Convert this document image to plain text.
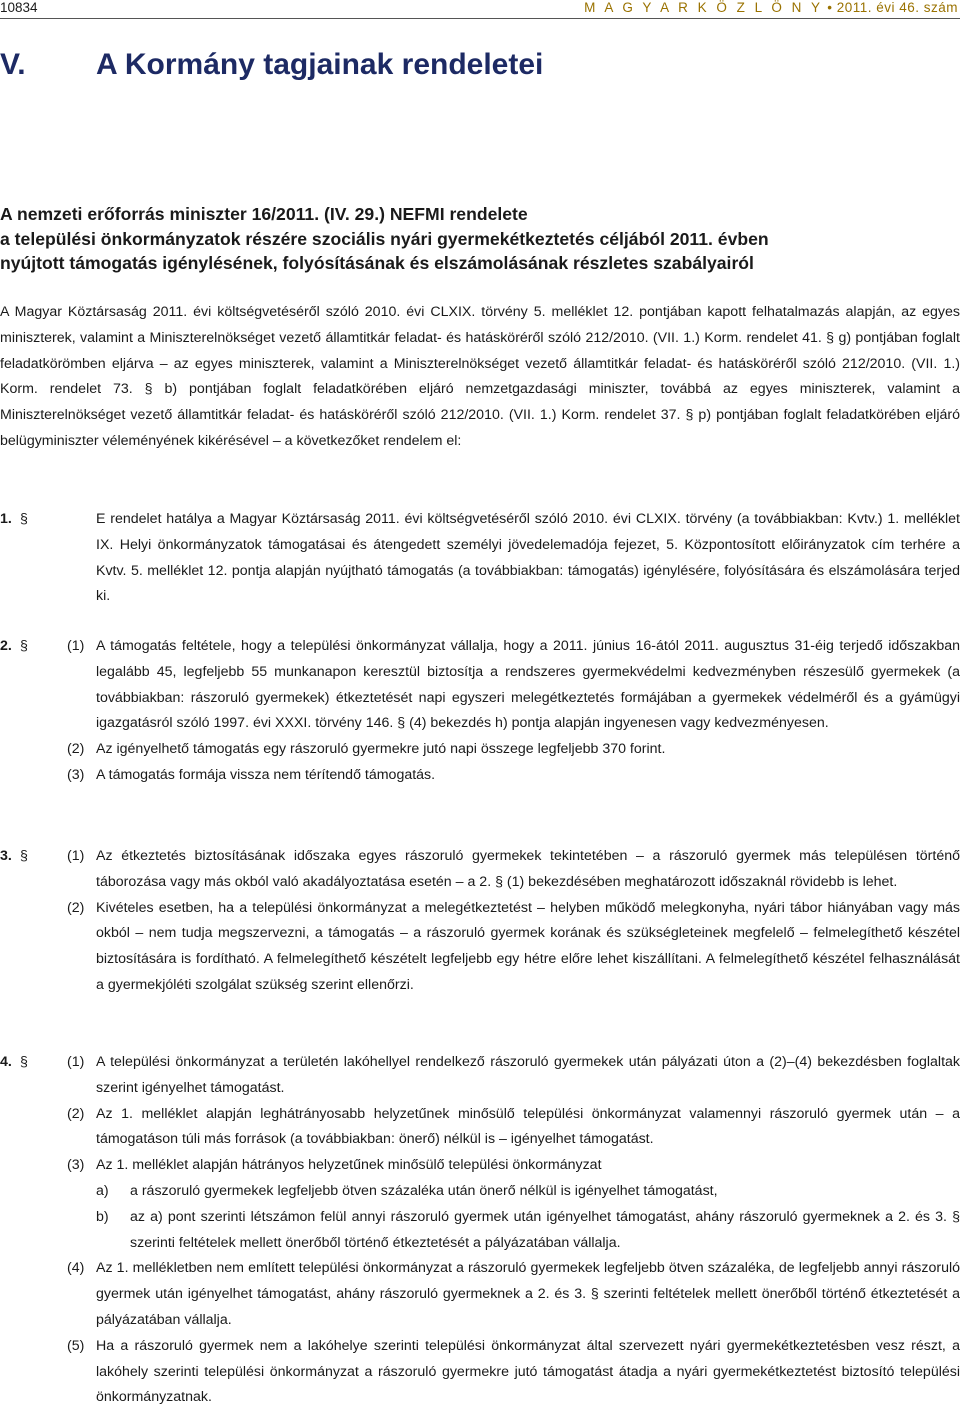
10834	M A G Y A R K Ö Z L Ö N Y • 2011. évi 46. szám
V. A Kormány tagjainak rendeletei
A nemzeti erőforrás miniszter 16/2011. (IV. 29.) NEFMI rendelete
a települési önkormányzatok részére szociális nyári gyermekétkeztetés céljából 2011. évben
nyújtott támogatás igénylésének, folyósításának és elszámolásának részletes szabályairól
A Magyar Köztársaság 2011. évi költségvetéséről szóló 2010. évi CLXIX. törvény 5. melléklet 12. pontjában kapott felhatalmazás alapján, az egyes miniszterek, valamint a Miniszterelnökséget vezető államtitkár feladat- és hatásköréről szóló 212/2010. (VII. 1.) Korm. rendelet 41. § g) pontjában foglalt feladatkörömben eljárva – az egyes miniszterek, valamint a Miniszterelnökséget vezető államtitkár feladat- és hatásköréről szóló 212/2010. (VII. 1.) Korm. rendelet 73. § b) pontjában foglalt feladatkörében eljáró nemzetgazdasági miniszter, továbbá az egyes miniszterek, valamint a Miniszterelnökséget vezető államtitkár feladat- és hatásköréről szóló 212/2010. (VII. 1.) Korm. rendelet 37. § p) pontjában foglalt feladatkörében eljáró belügyminiszter véleményének kikérésével – a következőket rendelem el:
1. §	E rendelet hatálya a Magyar Köztársaság 2011. évi költségvetéséről szóló 2010. évi CLXIX. törvény (a továbbiakban: Kvtv.) 1. melléklet IX. Helyi önkormányzatok támogatásai és átengedett személyi jövedelemadója fejezet, 5. Központosított előirányzatok cím terhére a Kvtv. 5. melléklet 12. pontja alapján nyújtható támogatás (a továbbiakban: támogatás) igénylésére, folyósítására és elszámolására terjed ki.
2. §	(1) A támogatás feltétele, hogy a települési önkormányzat vállalja, hogy a 2011. június 16-ától 2011. augusztus 31-éig terjedő időszakban legalább 45, legfeljebb 55 munkanapon keresztül biztosítja a rendszeres gyermekvédelmi kedvezményben részesülő gyermekek (a továbbiakban: rászoruló gyermekek) étkeztetését napi egyszeri melegétkeztetés formájában a gyermekek védelméről és a gyámügyi igazgatásról szóló 1997. évi XXXI. törvény 146. § (4) bekezdés h) pontja alapján ingyenesen vagy kedvezményesen.
(2) Az igényelhető támogatás egy rászoruló gyermekre jutó napi összege legfeljebb 370 forint.
(3) A támogatás formája vissza nem térítendő támogatás.
3. §	(1) Az étkeztetés biztosításának időszaka egyes rászoruló gyermekek tekintetében – a rászoruló gyermek más településen történő táborozása vagy más okból való akadályoztatása esetén – a 2. § (1) bekezdésében meghatározott időszaknál rövidebb is lehet.
(2) Kivételes esetben, ha a települési önkormányzat a melegétkeztetést – helyben működő melegkonyha, nyári tábor hiányában vagy más okból – nem tudja megszervezni, a támogatás – a rászoruló gyermek korának és szükségleteinek megfelelő – felmelegíthető készétel biztosítására is fordítható. A felmelegíthető készételt legfeljebb egy hétre előre lehet kiszállítani. A felmelegíthető készétel felhasználását a gyermekjóléti szolgálat szükség szerint ellenőrzi.
4. §	(1) A települési önkormányzat a területén lakóhellyel rendelkező rászoruló gyermekek után pályázati úton a (2)–(4) bekezdésben foglaltak szerint igényelhet támogatást.
(2) Az 1. melléklet alapján leghátrányosabb helyzetűnek minősülő települési önkormányzat valamennyi rászoruló gyermek után – a támogatáson túli más források (a továbbiakban: önerő) nélkül is – igényelhet támogatást.
(3) Az 1. melléklet alapján hátrányos helyzetűnek minősülő települési önkormányzat
a) a rászoruló gyermekek legfeljebb ötven százaléka után önerő nélkül is igényelhet támogatást,
b) az a) pont szerinti létszámon felül annyi rászoruló gyermek után igényelhet támogatást, ahány rászoruló gyermeknek a 2. és 3. § szerinti feltételek mellett önerőből történő étkeztetését a pályázatában vállalja.
(4) Az 1. mellékletben nem említett települési önkormányzat a rászoruló gyermekek legfeljebb ötven százaléka, de legfeljebb annyi rászoruló gyermek után igényelhet támogatást, ahány rászoruló gyermeknek a 2. és 3. § szerinti feltételek mellett önerőből történő étkeztetését a pályázatában vállalja.
(5) Ha a rászoruló gyermek nem a lakóhelye szerinti települési önkormányzat által szervezett nyári gyermekétkeztetésben vesz részt, a lakóhely szerinti települési önkormányzat a rászoruló gyermekre jutó támogatást átadja a nyári gyermekétkeztetést biztosító települési önkormányzatnak.
